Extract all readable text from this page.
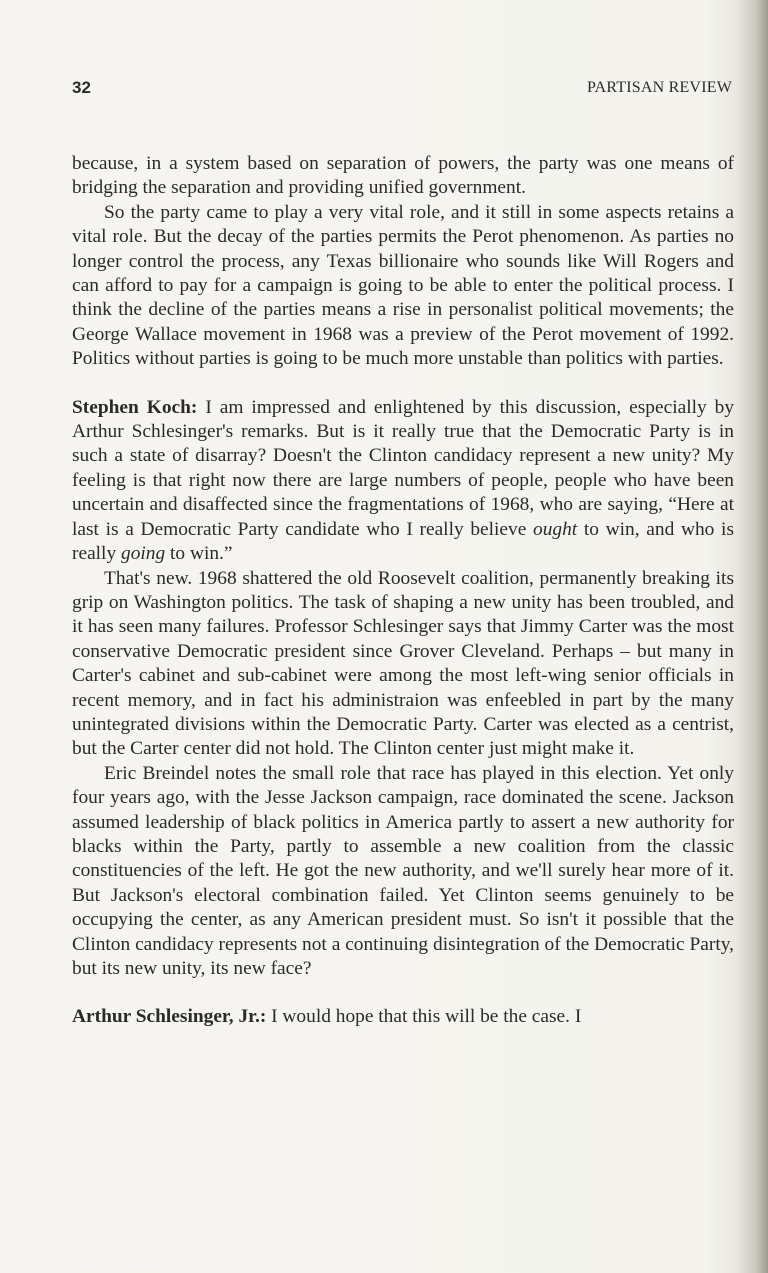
32	PARTISAN REVIEW

because, in a system based on separation of powers, the party was one means of bridging the separation and providing unified government.

So the party came to play a very vital role, and it still in some aspects retains a vital role. But the decay of the parties permits the Perot phenomenon. As parties no longer control the process, any Texas billionaire who sounds like Will Rogers and can afford to pay for a campaign is going to be able to enter the political process. I think the decline of the parties means a rise in personalist political movements; the George Wallace movement in 1968 was a preview of the Perot movement of 1992. Politics without parties is going to be much more unstable than politics with parties.

Stephen Koch: I am impressed and enlightened by this discussion, especially by Arthur Schlesinger's remarks. But is it really true that the Democratic Party is in such a state of disarray? Doesn't the Clinton candidacy represent a new unity? My feeling is that right now there are large numbers of people, people who have been uncertain and disaffected since the fragmentations of 1968, who are saying, “Here at last is a Democratic Party candidate who I really believe ought to win, and who is really going to win.”

That's new. 1968 shattered the old Roosevelt coalition, permanently breaking its grip on Washington politics. The task of shaping a new unity has been troubled, and it has seen many failures. Professor Schlesinger says that Jimmy Carter was the most conservative Democratic president since Grover Cleveland. Perhaps – but many in Carter's cabinet and sub-cabinet were among the most left-wing senior officials in recent memory, and in fact his administraion was enfeebled in part by the many unintegrated divisions within the Democratic Party. Carter was elected as a centrist, but the Carter center did not hold. The Clinton center just might make it.

Eric Breindel notes the small role that race has played in this election. Yet only four years ago, with the Jesse Jackson campaign, race dominated the scene. Jackson assumed leadership of black politics in America partly to assert a new authority for blacks within the Party, partly to assemble a new coalition from the classic constituencies of the left. He got the new authority, and we'll surely hear more of it. But Jackson's electoral combination failed. Yet Clinton seems genuinely to be occupying the center, as any American president must. So isn't it possible that the Clinton candidacy represents not a continuing disintegration of the Democratic Party, but its new unity, its new face?

Arthur Schlesinger, Jr.: I would hope that this will be the case. I
